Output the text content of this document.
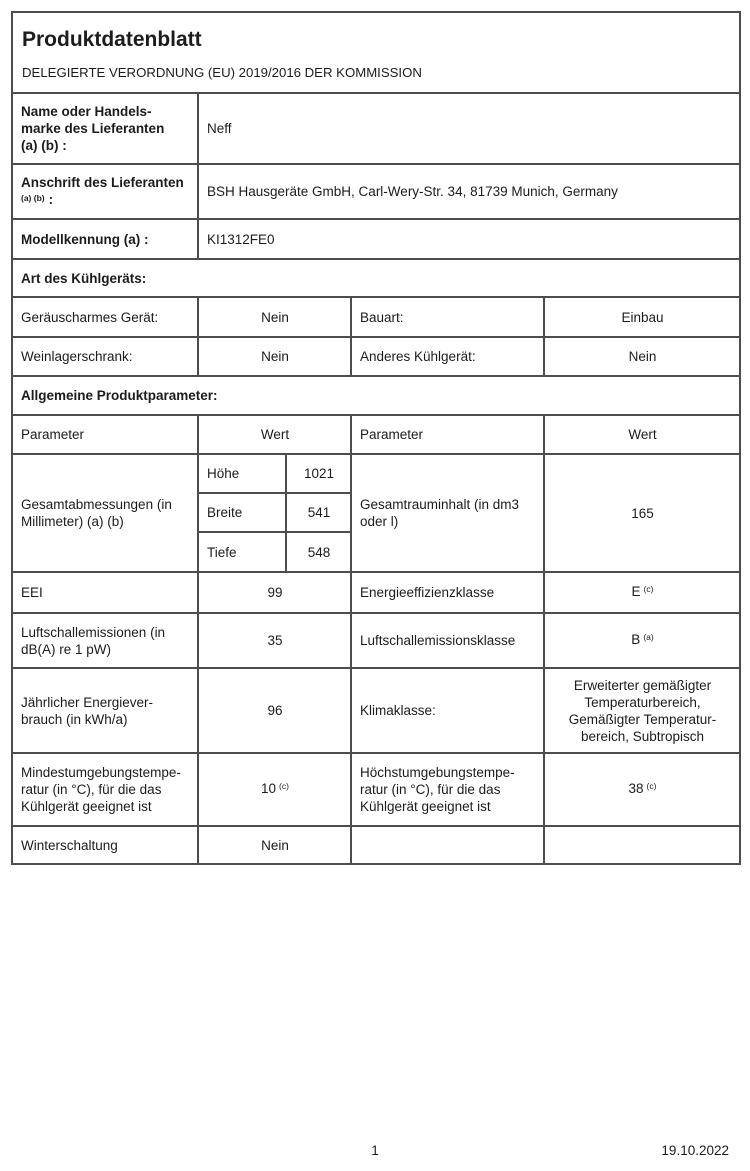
Produktdatenblatt
DELEGIERTE VERORDNUNG (EU) 2019/2016 DER KOMMISSION				

Name oder Handels-
marke des Lieferanten
(a) (b) :	Neff			

Anschrift des Lieferanten
$^{(a) (b)}$ :	BSH Hausgeräte GmbH, Carl-Wery-Str. 34, 81739 Munich, Germany			
Modellkennung (a) :	KI1312FE0			
Art des Kühlgeräts:				
Geräuscharmes Gerät:	Nein		Bauart:	Einbau
Weinlagerschrank:	Nein		Anderes Kühlgerät:	Nein
Allgemeine Produktparameter:				
Parameter	Wert		Parameter	Wert

Gesamtabmessungen (in
Millimeter) (a) (b)	Höhe	1021	Gesamtrauminhalt (in dm3
oder l)	165
	Breite	541		
	Tiefe	548		
EEI	99		Energieeffizienzklasse	E $^{(c)}$

Luftschallemissionen (in
dB(A) re 1 pW)	35		Luftschallemissionsklasse	B $^{(a)}$

Jährlicher Energiever-
brauch (in kWh/a)	96		Klimaklasse:	Erweiterter gemäßigter
Temperaturbereich,
Gemäßigter Temperatur-
bereich, Subtropisch

Mindestumgebungstempe-
ratur (in °C), für die das
Kühlgerät geeignet ist	10 $^{(c)}$		Höchstumgebungstempe-
ratur (in °C), für die das
Kühlgerät geeignet ist	38 $^{(c)}$
Winterschaltung	Nein			
1	19.10.2022
